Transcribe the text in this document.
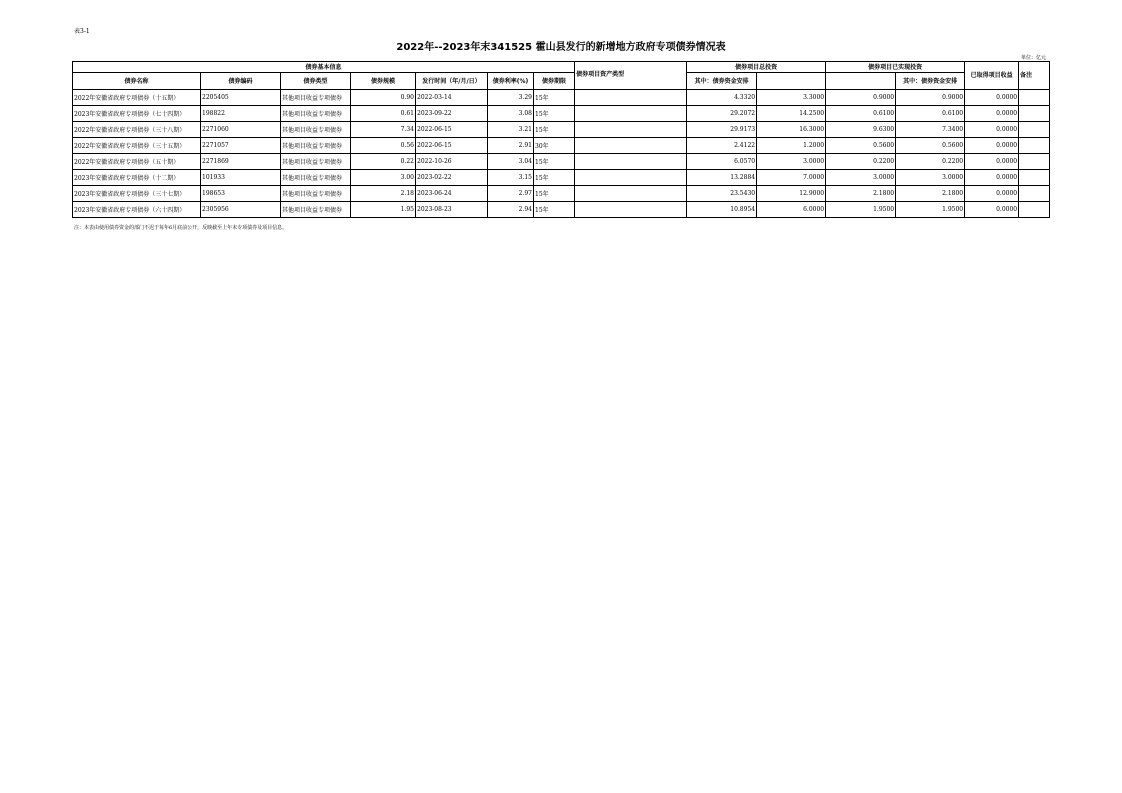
表3-1
2022年--2023年末341525 霍山县发行的新增地方政府专项债券情况表
单位：亿元
债券基本信息							债券项目资产类型	债券项目总投资		债券项目已实现投资		已取得项目收益	备注
债券名称	债券编码	债券类型	债券规模	发行时间（年/月/日）	债券利率(%)	债券期限		其中：债券资金安排			其中：债券资金安排		
2022年安徽省政府专项债券（十五期）	2205405	其他项目收益专项债券	0.90	2022-03-14	3.29	15年		4.3320	3.3000	0.9000	0.9000	0.0000	
2023年安徽省政府专项债券（七十四期）	198822	其他项目收益专项债券	0.61	2023-09-22	3.08	15年		29.2072	14.2500	0.6100	0.6100	0.0000	
2022年安徽省政府专项债券（三十八期）	2271060	其他项目收益专项债券	7.34	2022-06-15	3.21	15年		29.9173	16.3000	9.6300	7.3400	0.0000	
2022年安徽省政府专项债券（三十五期）	2271057	其他项目收益专项债券	0.56	2022-06-15	2.91	30年		2.4122	1.2000	0.5600	0.5600	0.0000	
2022年安徽省政府专项债券（五十期）	2271869	其他项目收益专项债券	0.22	2022-10-26	3.04	15年		6.0570	3.0000	0.2200	0.2200	0.0000	
2023年安徽省政府专项债券（十二期）	101933	其他项目收益专项债券	3.00	2023-02-22	3.15	15年		13.2884	7.0000	3.0000	3.0000	0.0000	
2023年安徽省政府专项债券（三十七期）	198653	其他项目收益专项债券	2.18	2023-06-24	2.97	15年		23.5430	12.9000	2.1800	2.1800	0.0000	
2023年安徽省政府专项债券（六十四期）	2305956	其他项目收益专项债券	1.95	2023-08-23	2.94	15年		10.8954	6.0000	1.9500	1.9500	0.0000	
注：本表由使用债券资金的部门不迟于每年6月底前公开，反映截至上年末专项债券及项目信息。
